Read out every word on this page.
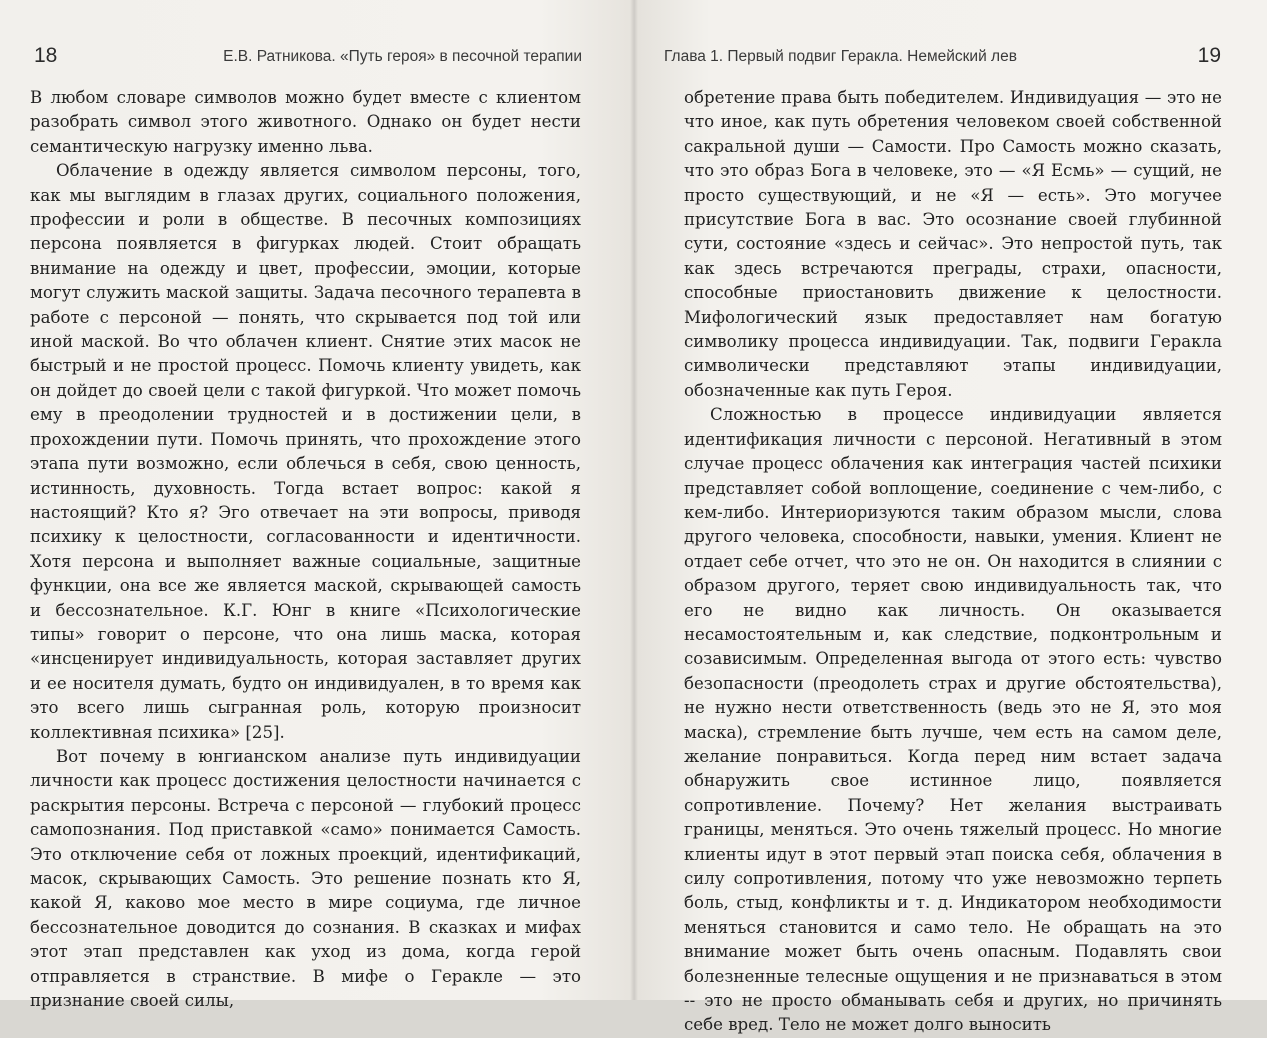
18	Е.В. Ратникова. «Путь героя» в песочной терапии

В любом словаре символов можно будет вместе с клиентом разобрать символ этого животного. Однако он будет нести семантическую нагрузку именно льва.

Облачение в одежду является символом персоны, того, как мы выглядим в глазах других, социального положения, профессии и роли в обществе. В песочных композициях персона появляется в фигурках людей. Стоит обращать внимание на одежду и цвет, профессии, эмоции, которые могут служить маской защиты. Задача песочного терапевта в работе с персоной — понять, что скрывается под той или иной маской. Во что облачен клиент. Снятие этих масок не быстрый и не простой процесс. Помочь клиенту увидеть, как он дойдет до своей цели с такой фигуркой. Что может помочь ему в преодолении трудностей и в достижении цели, в прохождении пути. Помочь принять, что прохождение этого этапа пути возможно, если облечься в себя, свою ценность, истинность, духовность. Тогда встает вопрос: какой я настоящий? Кто я? Эго отвечает на эти вопросы, приводя психику к целостности, согласованности и идентичности. Хотя персона и выполняет важные социальные, защитные функции, она все же является маской, скрывающей самость и бессознательное. К.Г. Юнг в книге «Психологические типы» говорит о персоне, что она лишь маска, которая «инсценирует индивидуальность, которая заставляет других и ее носителя думать, будто он индивидуален, в то время как это всего лишь сыгранная роль, которую произносит коллективная психика» [25].

Вот почему в юнгианском анализе путь индивидуации личности как процесс достижения целостности начинается с раскрытия персоны. Встреча с персоной — глубокий процесс самопознания. Под приставкой «само» понимается Самость. Это отключение себя от ложных проекций, идентификаций, масок, скрывающих Самость. Это решение познать кто Я, какой Я, каково мое место в мире социума, где личное бессознательное доводится до сознания. В сказках и мифах этот этап представлен как уход из дома, когда герой отправляется в странствие. В мифе о Геракле — это признание своей силы,

Глава 1. Первый подвиг Геракла. Немейский лев	19

обретение права быть победителем. Индивидуация — это не что иное, как путь обретения человеком своей собственной сакральной души — Самости. Про Самость можно сказать, что это образ Бога в человеке, это — «Я Есмь» — сущий, не просто существующий, и не «Я — есть». Это могучее присутствие Бога в вас. Это осознание своей глубинной сути, состояние «здесь и сейчас». Это непростой путь, так как здесь встречаются преграды, страхи, опасности, способные приостановить движение к целостности. Мифологический язык предоставляет нам богатую символику процесса индивидуации. Так, подвиги Геракла символически представляют этапы индивидуации, обозначенные как путь Героя.

Сложностью в процессе индивидуации является идентификация личности с персоной. Негативный в этом случае процесс облачения как интеграция частей психики представляет собой воплощение, соединение с чем-либо, с кем-либо. Интериоризуются таким образом мысли, слова другого человека, способности, навыки, умения. Клиент не отдает себе отчет, что это не он. Он находится в слиянии с образом другого, теряет свою индивидуальность так, что его не видно как личность. Он оказывается несамостоятельным и, как следствие, подконтрольным и созависимым. Определенная выгода от этого есть: чувство безопасности (преодолеть страх и другие обстоятельства), не нужно нести ответственность (ведь это не Я, это моя маска), стремление быть лучше, чем есть на самом деле, желание понравиться. Когда перед ним встает задача обнаружить свое истинное лицо, появляется сопротивление. Почему? Нет желания выстраивать границы, меняться. Это очень тяжелый процесс. Но многие клиенты идут в этот первый этап поиска себя, облачения в силу сопротивления, потому что уже невозможно терпеть боль, стыд, конфликты и т. д. Индикатором необходимости меняться становится и само тело. Не обращать на это внимание может быть очень опасным. Подавлять свои болезненные телесные ощущения и не признаваться в этом -- это не просто обманывать себя и других, но причинять себе вред. Тело не может долго выносить
